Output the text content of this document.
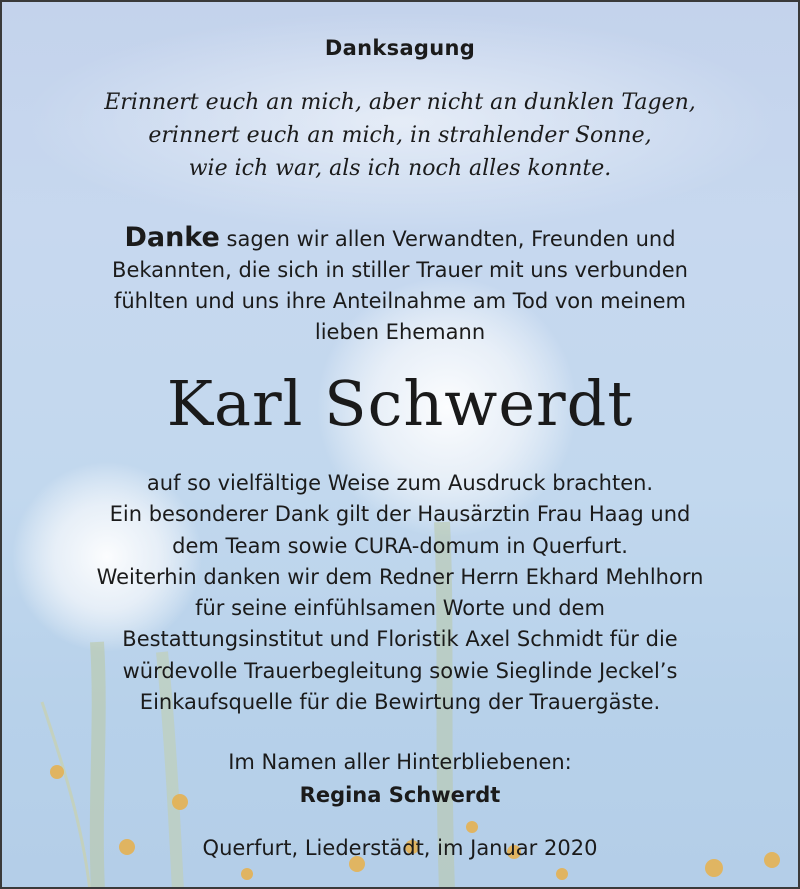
Danksagung
Erinnert euch an mich, aber nicht an dunklen Tagen,
erinnert euch an mich, in strahlender Sonne,
wie ich war, als ich noch alles konnte.
Danke sagen wir allen Verwandten, Freunden und
Bekannten, die sich in stiller Trauer mit uns verbunden
fühlten und uns ihre Anteilnahme am Tod von meinem
lieben Ehemann
Karl Schwerdt
auf so vielfältige Weise zum Ausdruck brachten.
Ein besonderer Dank gilt der Hausärztin Frau Haag und
dem Team sowie CURA-domum in Querfurt.
Weiterhin danken wir dem Redner Herrn Ekhard Mehlhorn
für seine einfühlsamen Worte und dem
Bestattungsinstitut und Floristik Axel Schmidt für die
würdevolle Trauerbegleitung sowie Sieglinde Jeckel’s
Einkaufsquelle für die Bewirtung der Trauergäste.
Im Namen aller Hinterbliebenen:
Regina Schwerdt
Querfurt, Liederstädt, im Januar 2020
